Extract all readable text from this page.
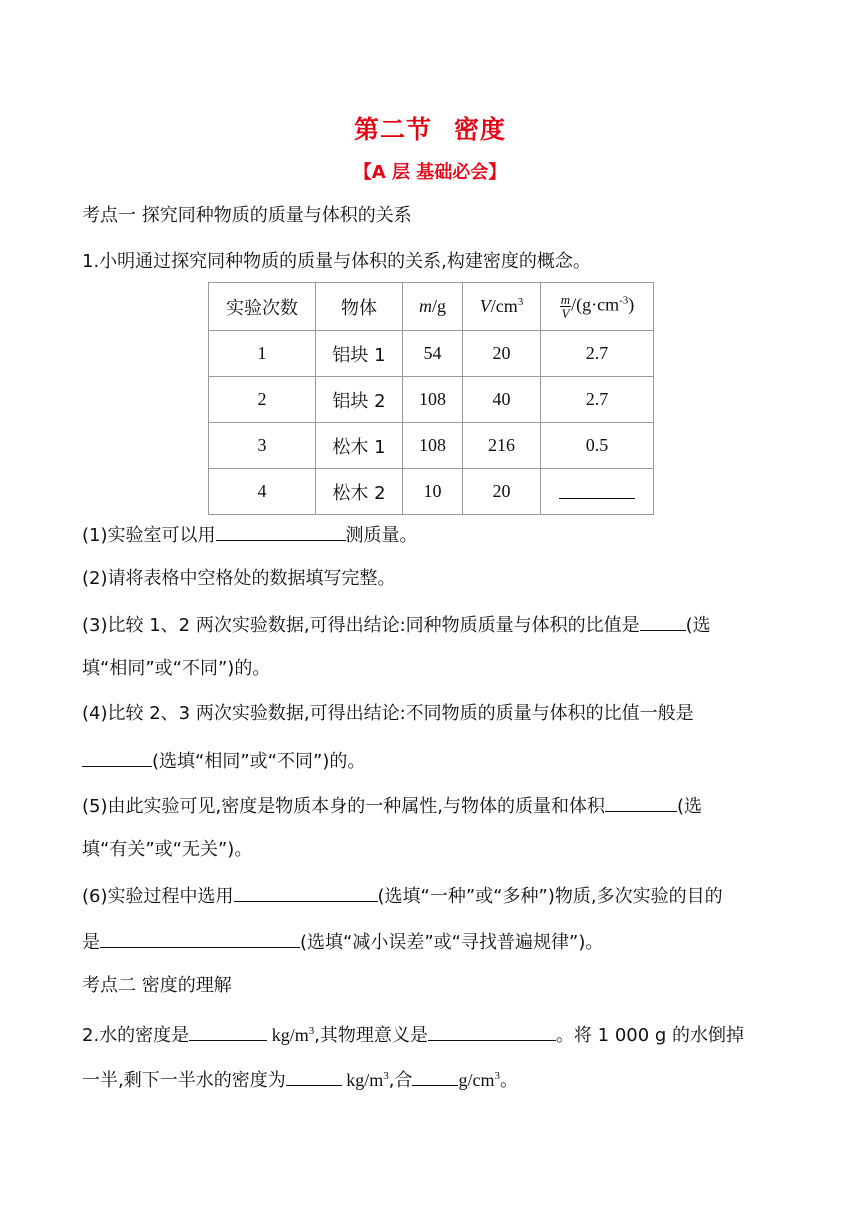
第二节 密度
【A 层 基础必会】
考点一 探究同种物质的质量与体积的关系
1.小明通过探究同种物质的质量与体积的关系,构建密度的概念。
实验次数	物体	m/g	$V/cm^3$	$\frac{m}{V} /(g\cdot cm^{-3})$
1	铝块 1	54	20	2.7
2	铝块 2	108	40	2.7
3	松木 1	108	216	0.5
4	松木 2	10	20	
(1)实验室可以用	测质量。
(2)请将表格中空格处的数据填写完整。
(3)比较 1、2 两次实验数据,可得出结论:同种物质质量与体积的比值是	(选
填“相同”或“不同”)的。
(4)比较 2、3 两次实验数据,可得出结论:不同物质的质量与体积的比值一般是
(选填“相同”或“不同”)的。
(5)由此实验可见,密度是物质本身的一种属性,与物体的质量和体积	(选
填“有关”或“无关”)。
(6)实验过程中选用	(选填“一种”或“多种”)物质,多次实验的目的
是	(选填“减小误差”或“寻找普遍规律”)。
考点二 密度的理解
2.水的密度是	$kg/m^3$,其物理意义是	。将 1 000 g 的水倒掉
一半,剩下一半水的密度为	$kg/m^3$,合	$g/cm^3$。
